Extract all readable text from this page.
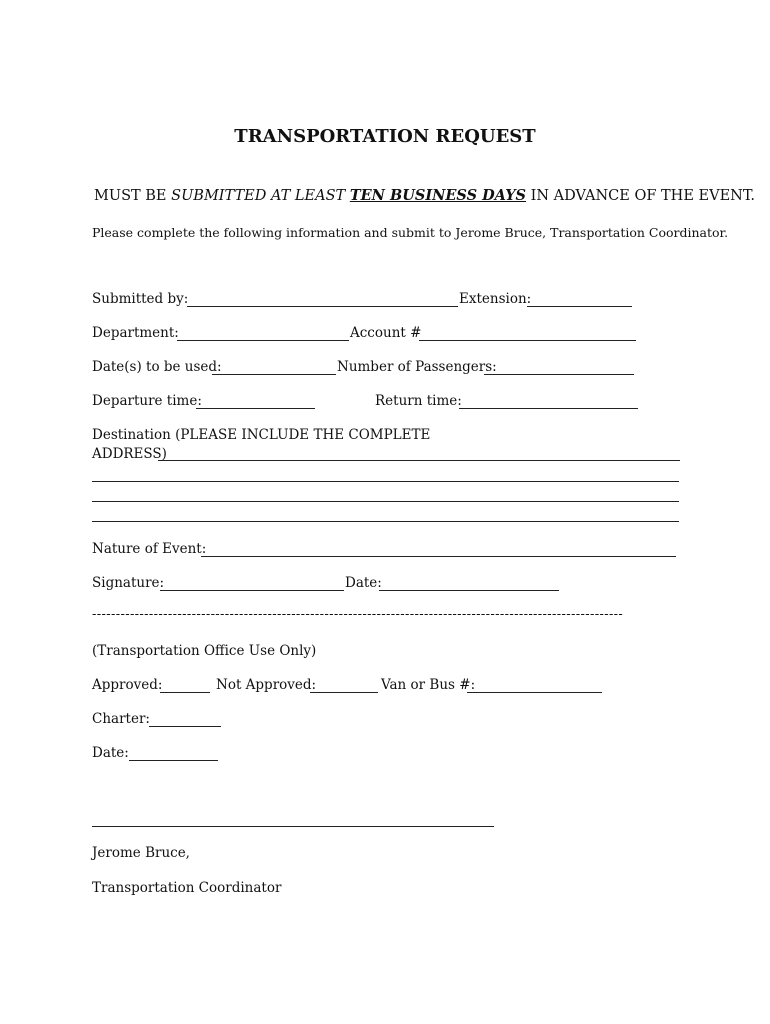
TRANSPORTATION REQUEST
MUST BE SUBMITTED AT LEAST TEN BUSINESS DAYS IN ADVANCE OF THE EVENT.
Please complete the following information and submit to Jerome Bruce, Transportation Coordinator.
Submitted by:	Extension:
Department:	Account #
Date(s) to be used:	Number of Passengers:
Departure time:	Return time:
Destination (PLEASE INCLUDE THE COMPLETE
ADDRESS)
Nature of Event:
Signature:	Date:
----------------------------------------------------------------------------------------------------------------
(Transportation Office Use Only)
Approved:	Not Approved:	Van or Bus #:
Charter:
Date:
Jerome Bruce,
Transportation Coordinator
